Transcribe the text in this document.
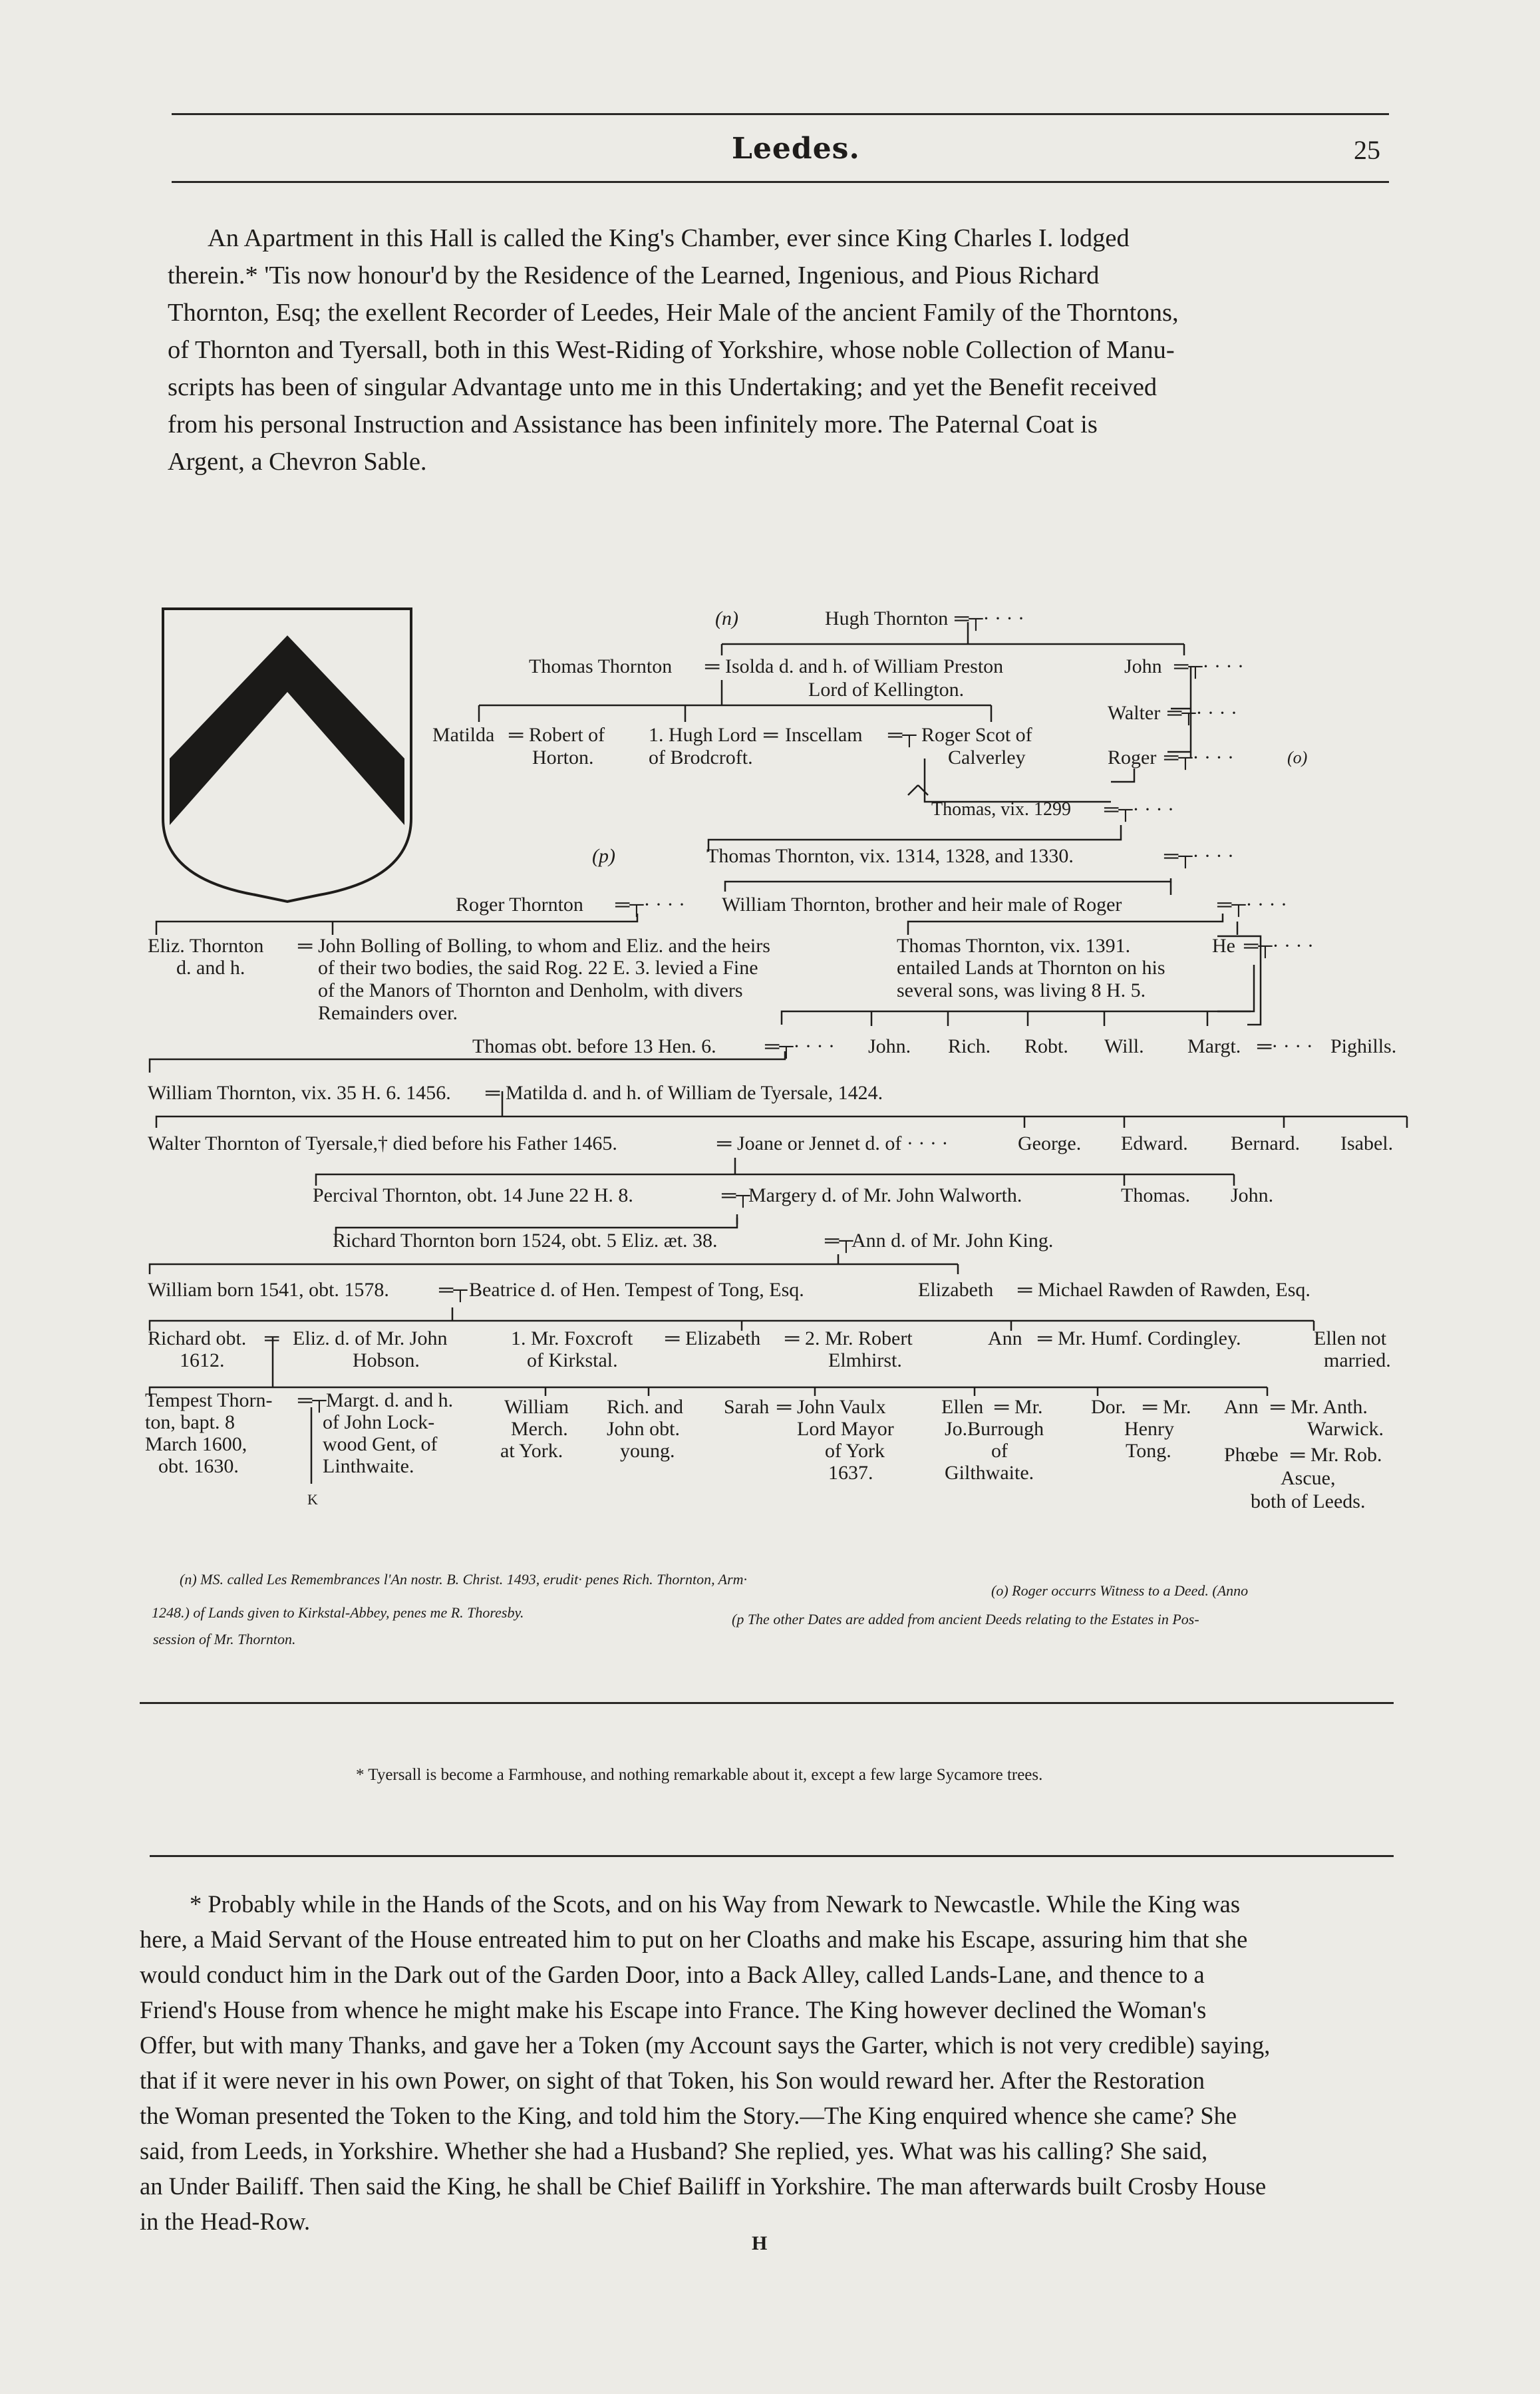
Leedes.	25
An Apartment in this Hall is called the King's Chamber, ever since King Charles I. lodged
therein.* 'Tis now honour'd by the Residence of the Learned, Ingenious, and Pious Richard
Thornton, Esq; the exellent Recorder of Leedes, Heir Male of the ancient Family of the Thorntons,
of Thornton and Tyersall, both in this West-Riding of Yorkshire, whose noble Collection of Manu-
scripts has been of singular Advantage unto me in this Undertaking; and yet the Benefit received
from his personal Instruction and Assistance has been infinitely more. The Paternal Coat is
Argent, a Chevron Sable.
(n)	Hugh Thornton ═┬· · · ·
Thomas Thornton ═ Isolda d. and h. of William Preston
Lord of Kellington.
John ═┬· · · ·
Walter ═┬· · · ·
Matilda ═ Robert of
Horton.
1. Hugh Lord
of Brodcroft.
═ Inscellam ═┬ Roger Scot of
Calverley	Roger ═┬· · · ·	(o)
Thomas, vix. 1299 ═┬· · · ·
(p)	Thomas Thornton, vix. 1314, 1328, and 1330.	═┬· · · ·
Roger Thornton ═┬· · · · William Thornton, brother and heir male of Roger	═┬· · · ·
Eliz. Thornton
d. and h.
═ John Bolling of Bolling, to whom and Eliz. and the heirs
of their two bodies, the said Rog. 22 E. 3. levied a Fine
of the Manors of Thornton and Denholm, with divers
Remainders over.
Thomas Thornton, vix. 1391.
entailed Lands at Thornton on his
several sons, was living 8 H. 5.
He ═┬· · · ·
Thomas obt. before 13 Hen. 6. ═┬· · · · John. Rich. Robt. Will. Margt. ═· · · · Pighills.
William Thornton, vix. 35 H. 6. 1456. ═ Matilda d. and h. of William de Tyersale, 1424.
Walter Thornton of Tyersale,† died before his Father 1465.	═ Joane or Jennet d. of · · · ·	George. Edward. Bernard. Isabel.
Percival Thornton, obt. 14 June 22 H. 8.	═┬
Margery d. of Mr. John Walworth.	Thomas. John.
Richard Thornton born 1524, obt. 5 Eliz. æt. 38.	═┬
Ann d. of Mr. John King.
William born 1541, obt. 1578.	═┬ Beatrice d. of Hen. Tempest of Tong, Esq.	Elizabeth ═ Michael Rawden of Rawden, Esq.
Richard obt.
1612.
═ Eliz. d. of Mr. John
Hobson.
1. Mr. Foxcroft
of Kirkstal.
═ Elizabeth ═ 2. Mr. Robert
Elmhirst.
Ann ═ Mr. Humf. Cordingley.	Ellen not
married.
Tempest Thorn-
ton, bapt. 8
March 1600,
obt. 1630.
═┬ Margt. d. and h.
of John Lock-
wood Gent, of
Linthwaite.
K
William
Merch.
at York.
Rich. and
John obt.
young.
Sarah ═ John Vaulx
Lord Mayor
of York
1637.
Ellen ═ Mr.
Jo.Burrough
of
Gilthwaite.
Dor. ═ Mr.
Henry
Tong.
Ann ═ Mr. Anth.
Warwick.
Phœbe ═ Mr. Rob.
Ascue,
both of Leeds.
(n) MS. called Les Remembrances l'An nostr. B. Christ. 1493, erudit· penes Rich. Thornton, Arm·
(o) Roger occurrs Witness to a Deed. (Anno
1248.) of Lands given to Kirkstal-Abbey, penes me R. Thoresby.	(p The other Dates are added from ancient Deeds relating to the Estates in Pos-
session of Mr. Thornton.
* Tyersall is become a Farmhouse, and nothing remarkable about it, except a few large Sycamore trees.
* Probably while in the Hands of the Scots, and on his Way from Newark to Newcastle. While the King was
here, a Maid Servant of the House entreated him to put on her Cloaths and make his Escape, assuring him that she
would conduct him in the Dark out of the Garden Door, into a Back Alley, called Lands-Lane, and thence to a
Friend's House from whence he might make his Escape into France. The King however declined the Woman's
Offer, but with many Thanks, and gave her a Token (my Account says the Garter, which is not very credible) saying,
that if it were never in his own Power, on sight of that Token, his Son would reward her. After the Restoration
the Woman presented the Token to the King, and told him the Story.—The King enquired whence she came? She
said, from Leeds, in Yorkshire. Whether she had a Husband? She replied, yes. What was his calling? She said,
an Under Bailiff. Then said the King, he shall be Chief Bailiff in Yorkshire. The man afterwards built Crosby House
in the Head-Row.
H
